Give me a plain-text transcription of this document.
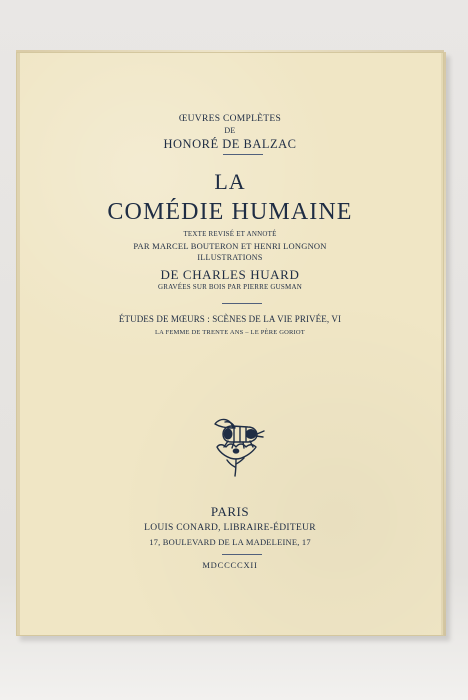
ŒUVRES COMPLÈTES
DE
HONORÉ DE BALZAC
LA
COMÉDIE HUMAINE
TEXTE REVISÉ ET ANNOTÉ
PAR MARCEL BOUTERON ET HENRI LONGNON
ILLUSTRATIONS
DE CHARLES HUARD
GRAVÉES SUR BOIS PAR PIERRE GUSMAN
ÉTUDES DE MŒURS : SCÈNES DE LA VIE PRIVÉE, VI
LA FEMME DE TRENTE ANS – LE PÈRE GORIOT
PARIS
LOUIS CONARD, LIBRAIRE-ÉDITEUR
17, BOULEVARD DE LA MADELEINE, 17
MDCCCCXII
